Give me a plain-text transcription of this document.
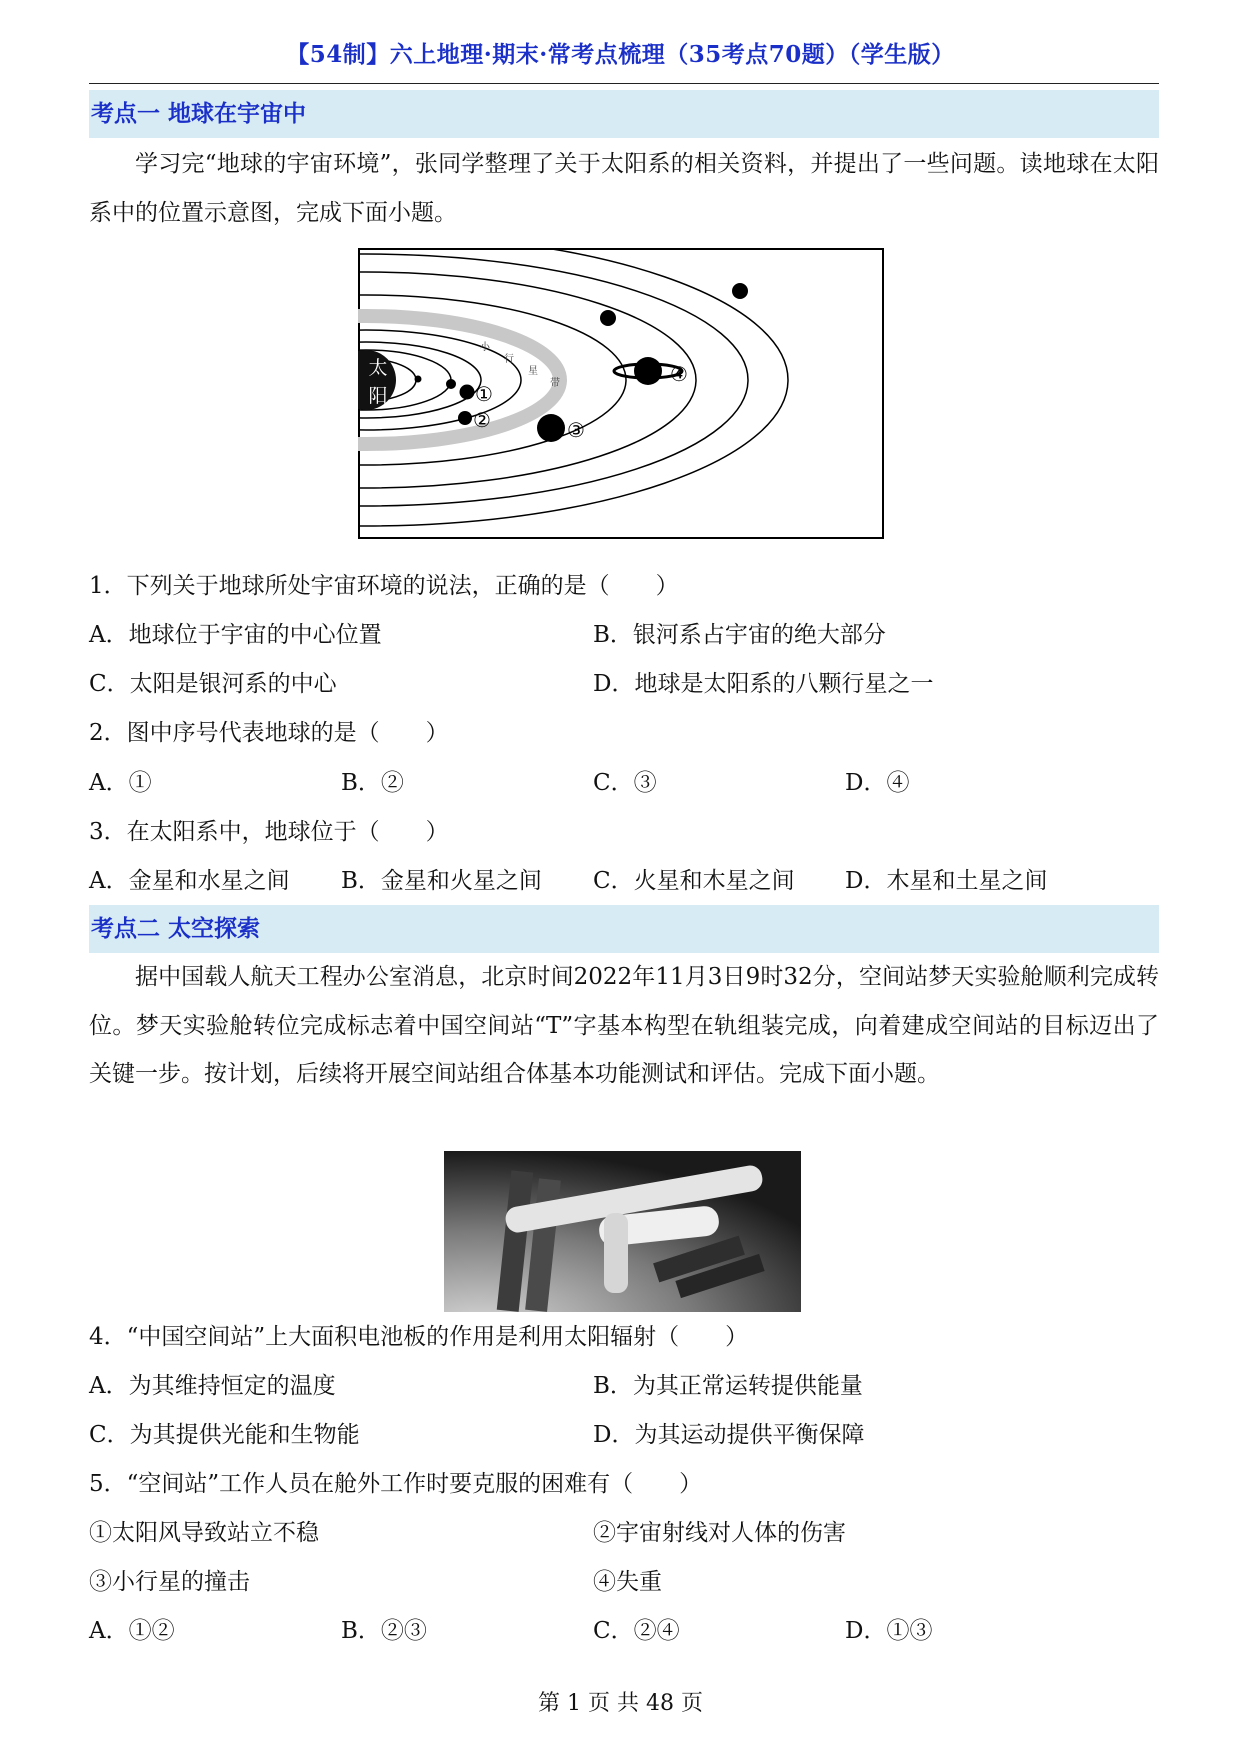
【54制】六上地理·期末·常考点梳理（35考点70题）（学生版）
考点一 地球在宇宙中

学习完“地球的宇宙环境”，张同学整理了关于太阳系的相关资料，并提出了一些问题。读地球在太阳系中的位置示意图，完成下面小题。

太
阳
小
行
星
带
①
②	③
④
1．下列关于地球所处宇宙环境的说法，正确的是（　　）
A．地球位于宇宙的中心位置	B．银河系占宇宙的绝大部分
C．太阳是银河系的中心	D．地球是太阳系的八颗行星之一
2．图中序号代表地球的是（　　）
A．①	B．②	C．③	D．④
3．在太阳系中，地球位于（　　）
A．金星和水星之间 B．金星和火星之间 C．火星和木星之间 D．木星和土星之间
考点二 太空探索

据中国载人航天工程办公室消息，北京时间2022年11月3日9时32分，空间站梦天实验舱顺利完成转位。梦天实验舱转位完成标志着中国空间站“T”字基本构型在轨组装完成，向着建成空间站的目标迈出了关键一步。按计划，后续将开展空间站组合体基本功能测试和评估。完成下面小题。

4．“中国空间站”上大面积电池板的作用是利用太阳辐射（　　）
A．为其维持恒定的温度	B．为其正常运转提供能量
C．为其提供光能和生物能	D．为其运动提供平衡保障
5．“空间站”工作人员在舱外工作时要克服的困难有（　　）
①太阳风导致站立不稳	②宇宙射线对人体的伤害
③小行星的撞击	④失重
A．①②	B．②③	C．②④	D．①③
第 1 页 共 48 页
